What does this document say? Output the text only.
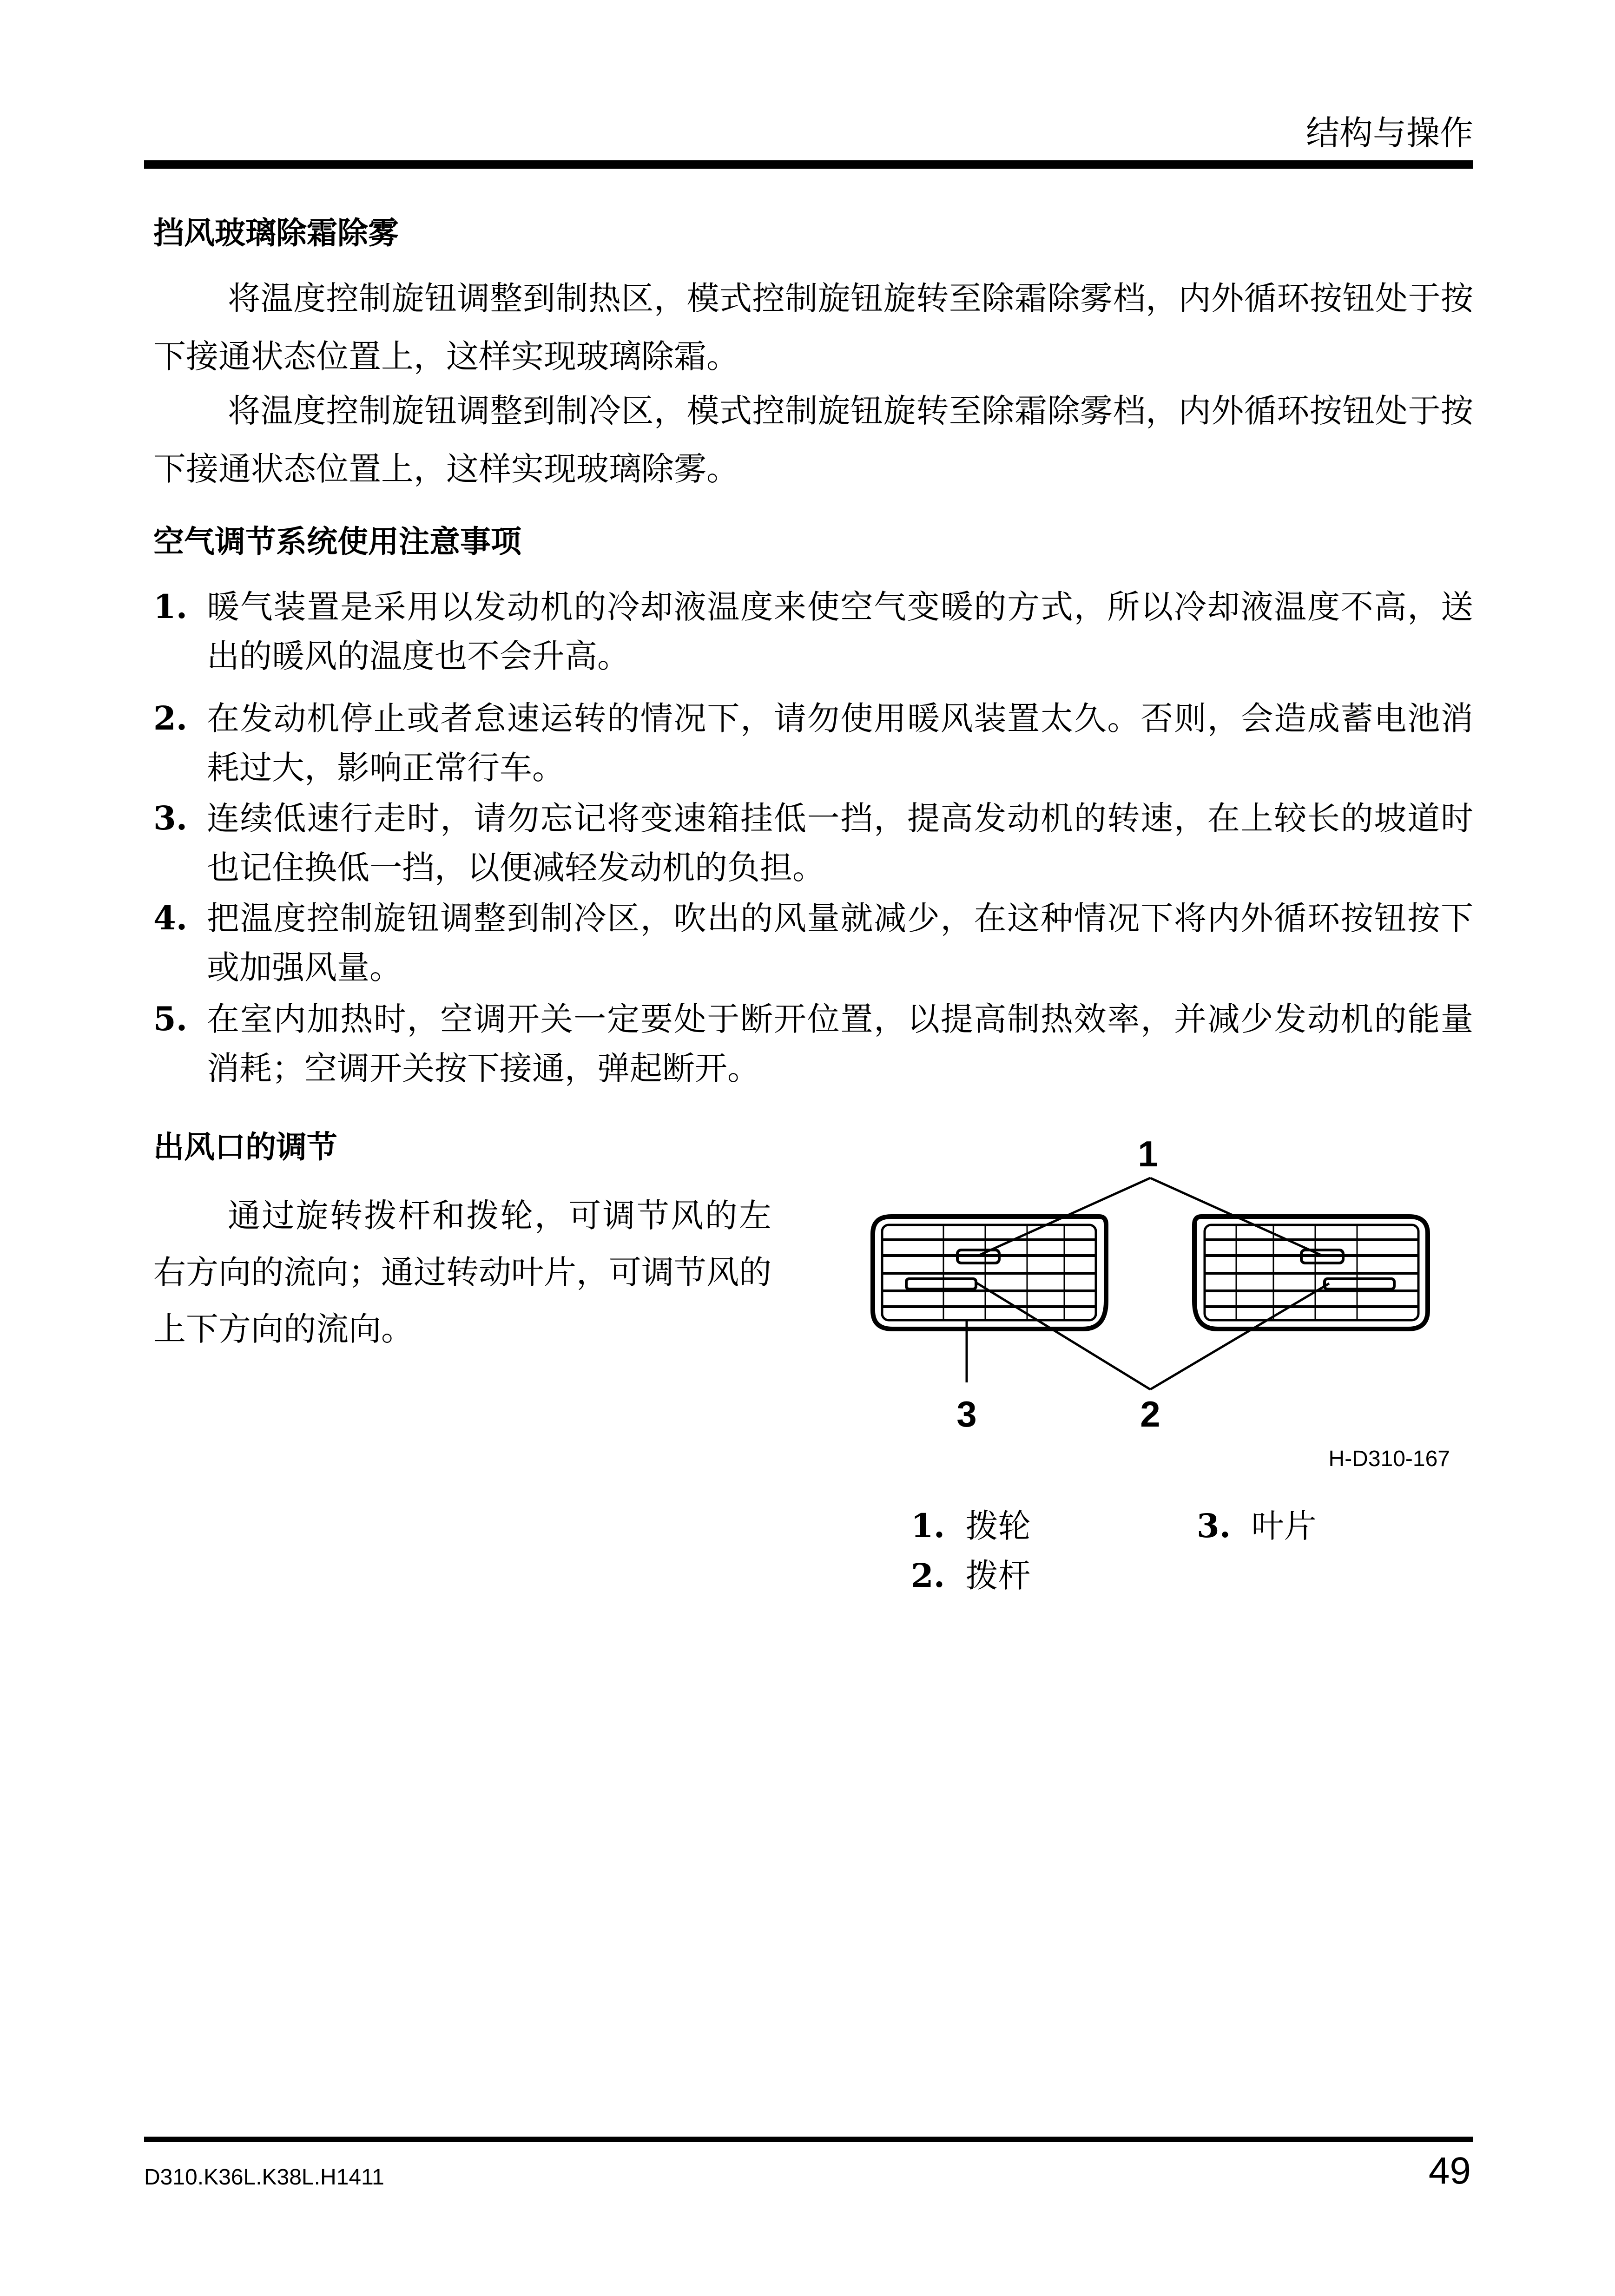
结构与操作
挡风玻璃除霜除雾
将温度控制旋钮调整到制热区，模式控制旋钮旋转至除霜除雾档，内外循环按钮处于按下接通状态位置上，这样实现玻璃除霜。
将温度控制旋钮调整到制冷区，模式控制旋钮旋转至除霜除雾档，内外循环按钮处于按下接通状态位置上，这样实现玻璃除雾。
空气调节系统使用注意事项
1. 暖气装置是采用以发动机的冷却液温度来使空气变暖的方式，所以冷却液温度不高，送出的暖风的温度也不会升高。
2. 在发动机停止或者怠速运转的情况下，请勿使用暖风装置太久。否则，会造成蓄电池消耗过大，影响正常行车。
3. 连续低速行走时，请勿忘记将变速箱挂低一挡，提高发动机的转速，在上较长的坡道时也记住换低一挡，以便减轻发动机的负担。
4. 把温度控制旋钮调整到制冷区，吹出的风量就减少，在这种情况下将内外循环按钮按下或加强风量。
5. 在室内加热时，空调开关一定要处于断开位置，以提高制热效率，并减少发动机的能量消耗；空调开关按下接通，弹起断开。
出风口的调节
通过旋转拨杆和拨轮，可调节风的左右方向的流向；通过转动叶片，可调节风的上下方向的流向。
1
2
3
H-D310-167
1. 拨轮
2. 拨杆
3. 叶片
D310.K36L.K38L.H1411	49
